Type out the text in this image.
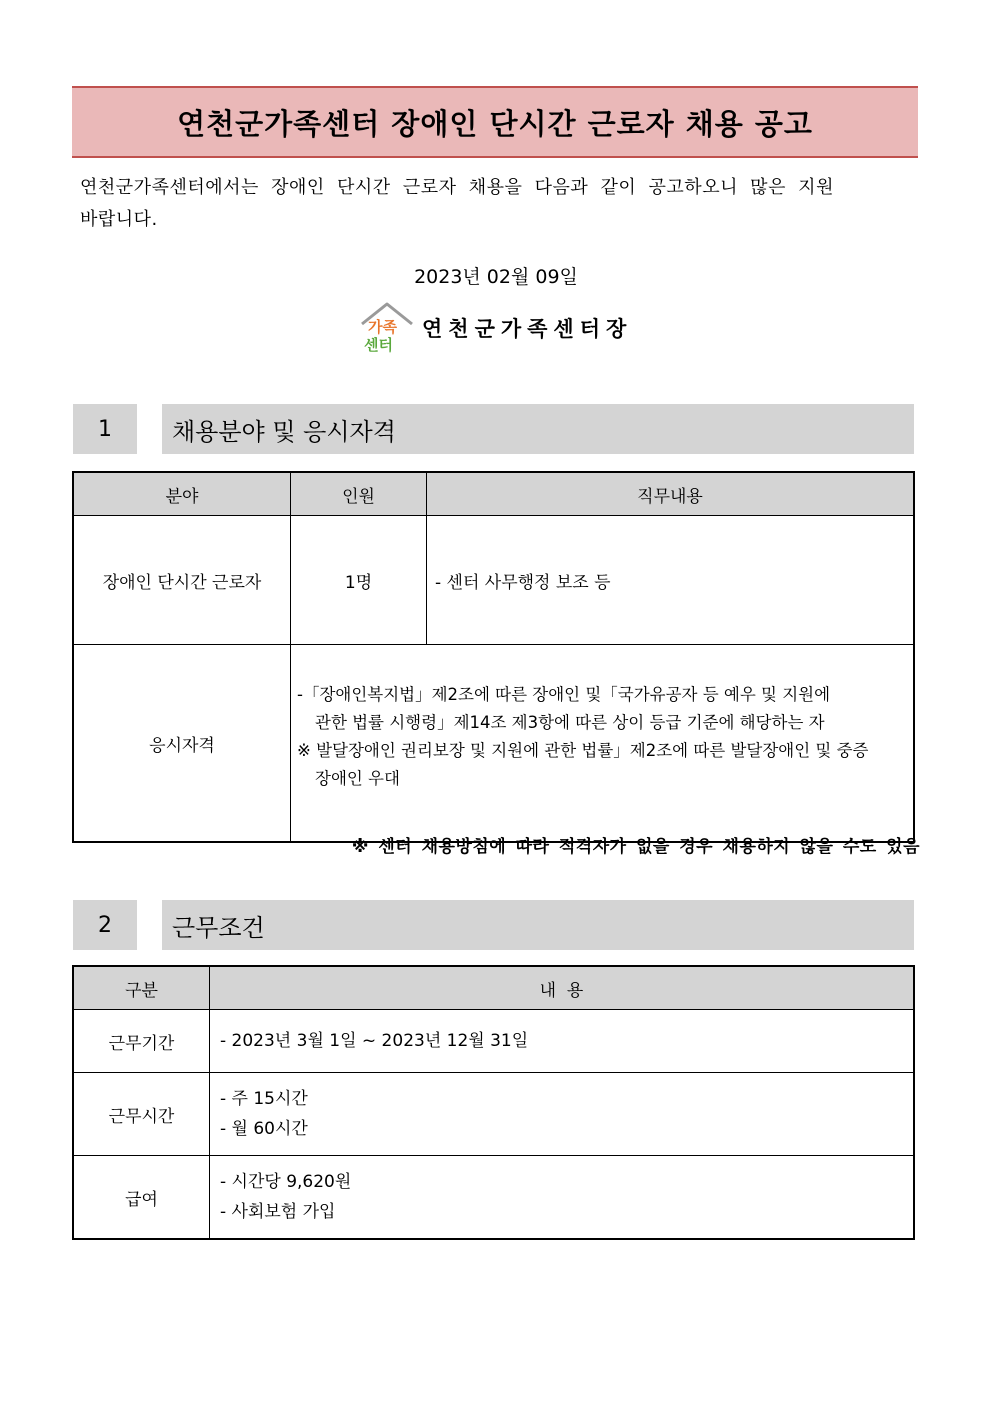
연천군가족센터 장애인 단시간 근로자 채용 공고
연천군가족센터에서는 장애인 단시간 근로자 채용을 다음과 같이 공고하오니 많은 지원
바랍니다.
2023년 02월 09일
가족
센터
연천군가족센터장
1	채용분야 및 응시자격
분야	인원	직무내용
장애인 단시간 근로자	1명	- 센터 사무행정 보조 등
응시자격	-「장애인복지법」제2조에 따른 장애인 및「국가유공자 등 예우 및 지원에
관한 법률 시행령」제14조 제3항에 따른 상이 등급 기준에 해당하는 자
※ 발달장애인 권리보장 및 지원에 관한 법률」제2조에 따른 발달장애인 및 중증
장애인 우대	
※ 센터 채용방침에 따라 적격자가 없을 경우 채용하지 않을 수도 있음
2	근무조건
구분	내  용
근무기간	- 2023년 3월 1일 ~ 2023년 12월 31일

근무시간	- 주 15시간
- 월 60시간

급여	- 시간당 9,620원
- 사회보험 가입
